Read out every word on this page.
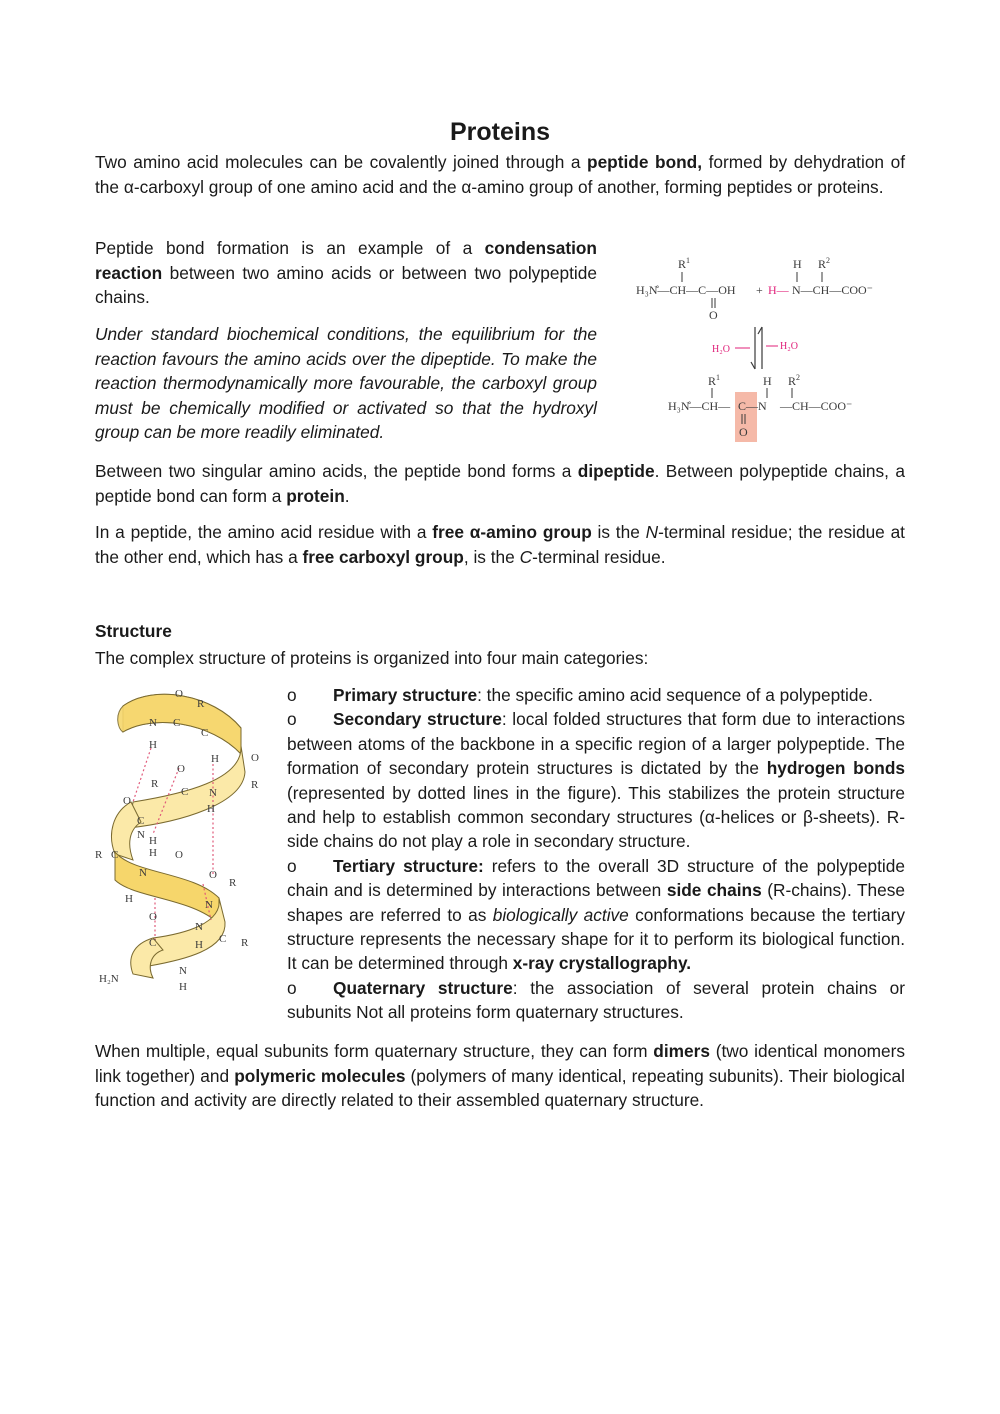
Proteins

Two amino acid molecules can be covalently joined through a peptide bond, formed by dehydration of the α-carboxyl group of one amino acid and the α-amino group of another, forming peptides or proteins.

Peptide bond formation is an example of a condensation reaction between two amino acids or between two polypeptide chains.

Under standard biochemical conditions, the equilibrium for the reaction favours the amino acids over the dipeptide. To make the reaction thermodynamically more favourable, the carboxyl group must be chemically modified or activated so that the hydroxyl group can be more readily eliminated.

$R^1$	H $R^2$
H₃N̊—CH—C—OH + H— N—CH—COO⁻
O
H₂O	H₂O
$R^1$	H $R^2$
H₃N̊—CH— C—N —CH—COO⁻
O

Between two singular amino acids, the peptide bond forms a dipeptide. Between polypeptide chains, a peptide bond can form a protein.

In a peptide, the amino acid residue with a free α-amino group is the N-terminal residue; the residue at the other end, which has a free carboxyl group, is the C-terminal residue.

Structure

The complex structure of proteins is organized into four main categories:

O
R
N C
H
C
O
H
R
O
C N
R
O
H
N
H
C
R
H
C
N
H
O
R
N
C
O
N
R
O
C	H
H₂N
N
H
o Primary structure: the specific amino acid sequence of a polypeptide.
o Secondary structure: local folded structures that form due to interactions between atoms of the backbone in a specific region of a larger polypeptide. The formation of secondary protein structures is dictated by the hydrogen bonds (represented by dotted lines in the figure). This stabilizes the protein structure and help to establish common secondary structures (α-helices or β-sheets). R-side chains do not play a role in secondary structure.
o Tertiary structure: refers to the overall 3D structure of the polypeptide chain and is determined by interactions between side chains (R-chains). These shapes are referred to as biologically active conformations because the tertiary structure represents the necessary shape for it to perform its biological function. It can be determined through x-ray crystallography.
o Quaternary structure: the association of several protein chains or subunits Not all proteins form quaternary structures.

When multiple, equal subunits form quaternary structure, they can form dimers (two identical monomers link together) and polymeric molecules (polymers of many identical, repeating subunits). Their biological function and activity are directly related to their assembled quaternary structure.
